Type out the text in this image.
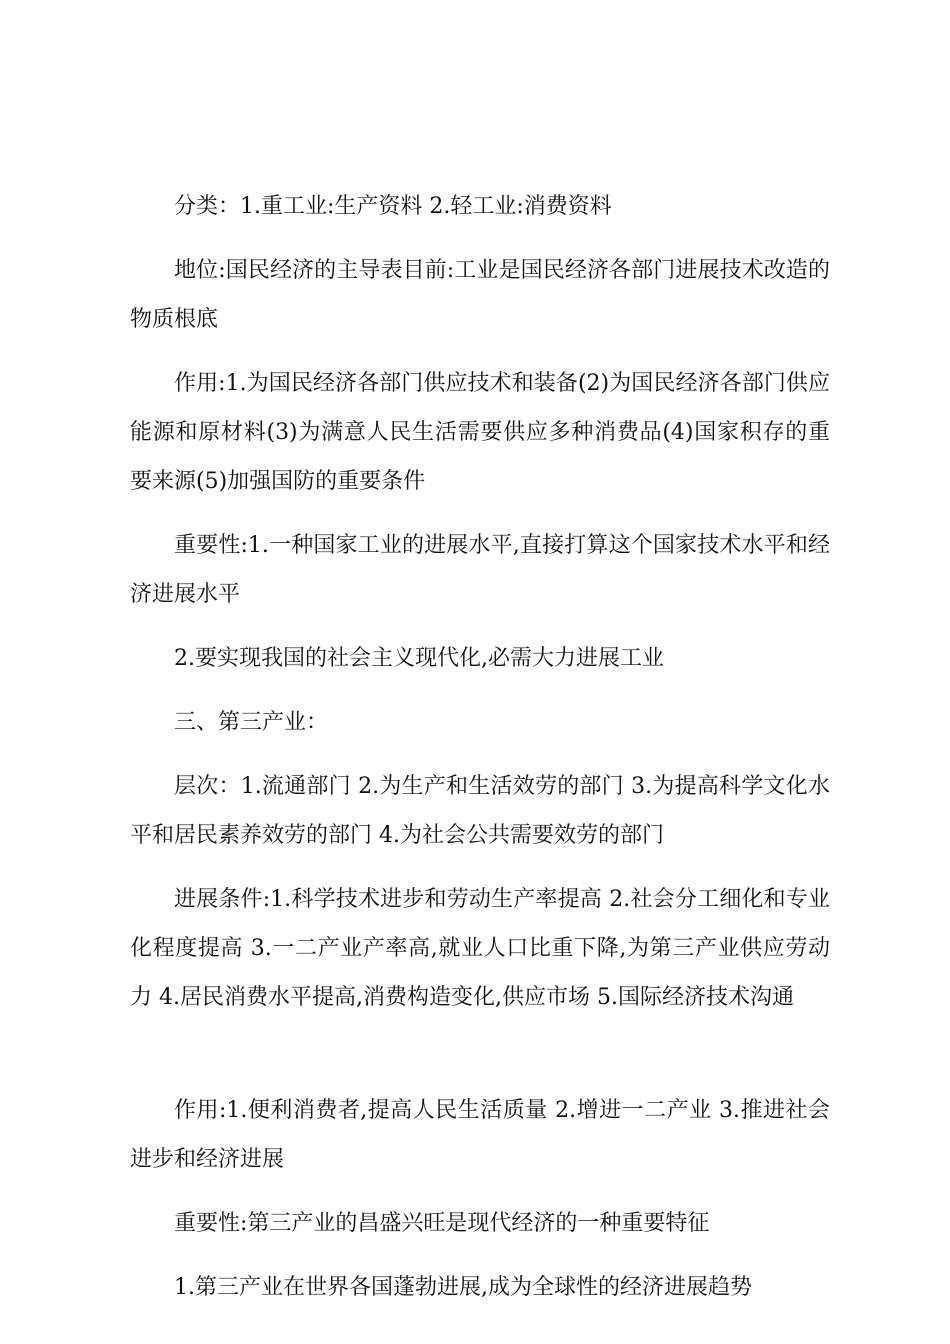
分类：1.重工业:生产资料 2.轻工业:消费资料

地位:国民经济的主导表目前:工业是国民经济各部门进展技术改造的物质根底

作用:1.为国民经济各部门供应技术和装备(2)为国民经济各部门供应能源和原材料(3)为满意人民生活需要供应多种消费品(4)国家积存的重要来源(5)加强国防的重要条件

重要性:1.一种国家工业的进展水平,直接打算这个国家技术水平和经济进展水平

2.要实现我国的社会主义现代化,必需大力进展工业

三、第三产业：

层次：1.流通部门 2.为生产和生活效劳的部门 3.为提高科学文化水平和居民素养效劳的部门 4.为社会公共需要效劳的部门

进展条件:1.科学技术进步和劳动生产率提高 2.社会分工细化和专业化程度提高 3.一二产业产率高,就业人口比重下降,为第三产业供应劳动力 4.居民消费水平提高,消费构造变化,供应市场 5.国际经济技术沟通

作用:1.便利消费者,提高人民生活质量 2.增进一二产业 3.推进社会进步和经济进展

重要性:第三产业的昌盛兴旺是现代经济的一种重要特征

1.第三产业在世界各国蓬勃进展,成为全球性的经济进展趋势
